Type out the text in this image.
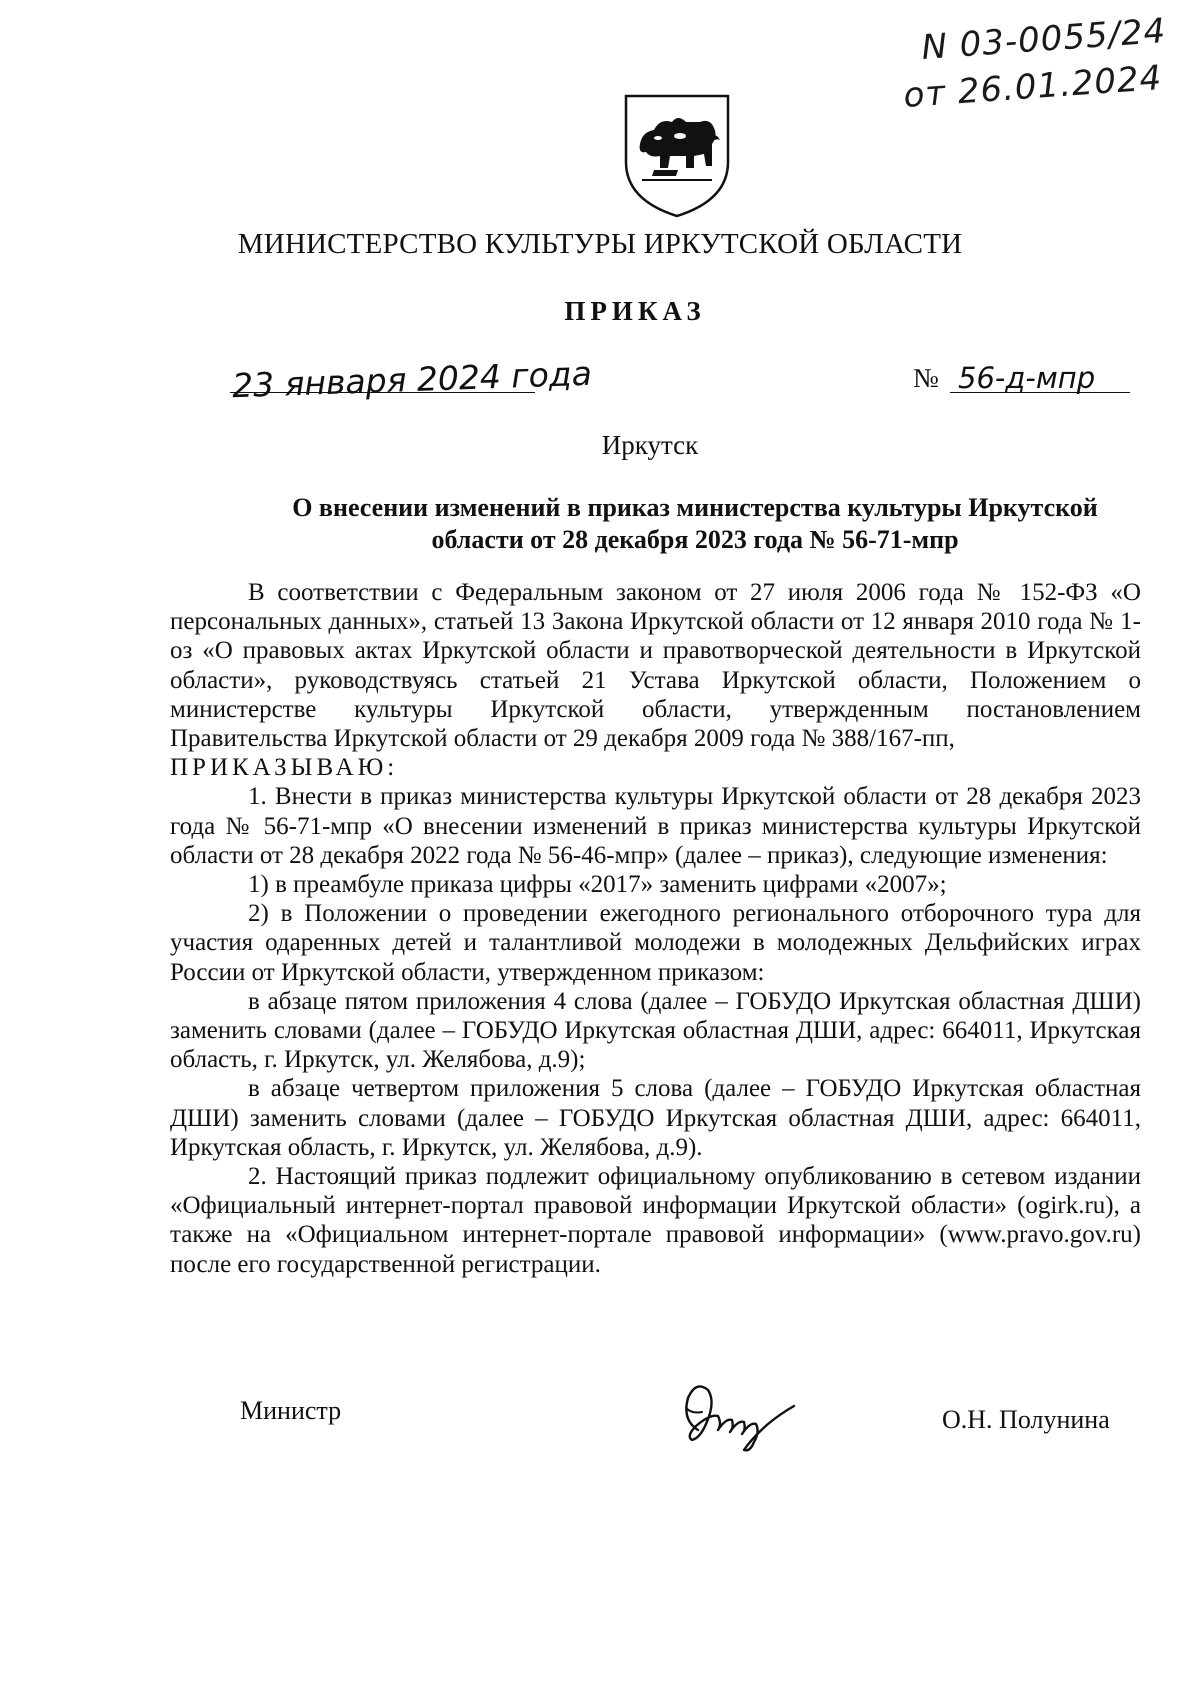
N 03-0055/24
от 26.01.2024
МИНИСТЕРСТВО КУЛЬТУРЫ ИРКУТСКОЙ ОБЛАСТИ
ПРИКАЗ
23 января 2024 года	№ 56-д-мпр
Иркутск
О внесении изменений в приказ министерства культуры Иркутской
области от 28 декабря 2023 года № 56-71-мпр

В соответствии с Федеральным законом от 27 июля 2006 года № 152-ФЗ «О персональных данных», статьей 13 Закона Иркутской области от 12 января 2010 года № 1-оз «О правовых актах Иркутской области и правотворческой деятельности в Иркутской области», руководствуясь статьей 21 Устава Иркутской области, Положением о министерстве культуры Иркутской области, утвержденным постановлением Правительства Иркутской области от 29 декабря 2009 года № 388/167-пп,

ПРИКАЗЫВАЮ:

1. Внести в приказ министерства культуры Иркутской области от 28 декабря 2023 года № 56-71-мпр «О внесении изменений в приказ министерства культуры Иркутской области от 28 декабря 2022 года № 56-46-мпр» (далее – приказ), следующие изменения:

1) в преамбуле приказа цифры «2017» заменить цифрами «2007»;

2) в Положении о проведении ежегодного регионального отборочного тура для участия одаренных детей и талантливой молодежи в молодежных Дельфийских играх России от Иркутской области, утвержденном приказом:

в абзаце пятом приложения 4 слова (далее – ГОБУДО Иркутская областная ДШИ) заменить словами (далее – ГОБУДО Иркутская областная ДШИ, адрес: 664011, Иркутская область, г. Иркутск, ул. Желябова, д.9);

в абзаце четвертом приложения 5 слова (далее – ГОБУДО Иркутская областная ДШИ) заменить словами (далее – ГОБУДО Иркутская областная ДШИ, адрес: 664011, Иркутская область, г. Иркутск, ул. Желябова, д.9).

2. Настоящий приказ подлежит официальному опубликованию в сетевом издании «Официальный интернет-портал правовой информации Иркутской области» (ogirk.ru), а также на «Официальном интернет-портале правовой информации» (www.pravo.gov.ru) после его государственной регистрации.

Министр	О.Н. Полунина
